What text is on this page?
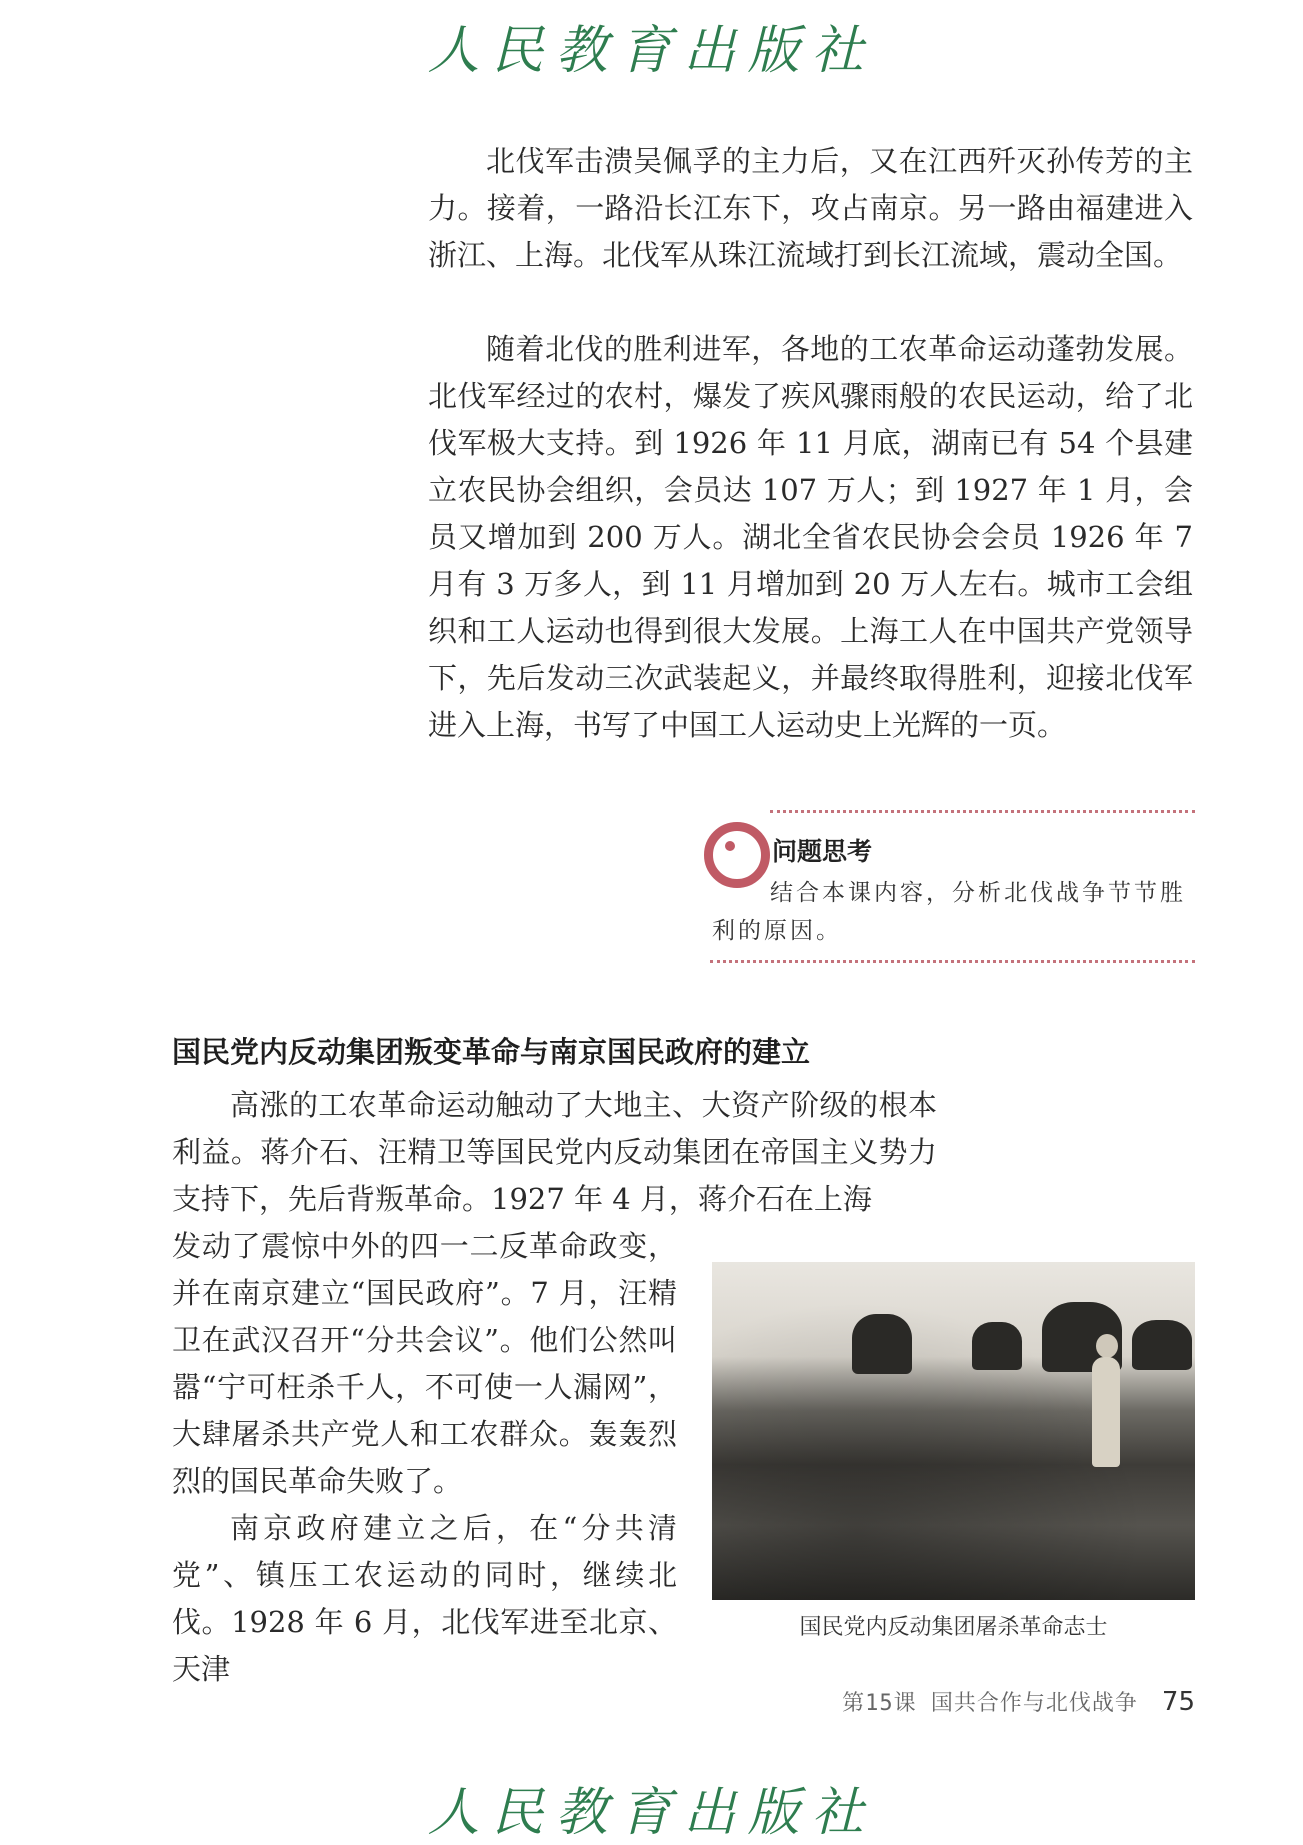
人民教育出版社

北伐军击溃吴佩孚的主力后，又在江西歼灭孙传芳的主力。接着，一路沿长江东下，攻占南京。另一路由福建进入浙江、上海。北伐军从珠江流域打到长江流域，震动全国。

随着北伐的胜利进军，各地的工农革命运动蓬勃发展。北伐军经过的农村，爆发了疾风骤雨般的农民运动，给了北伐军极大支持。到 1926 年 11 月底，湖南已有 54 个县建立农民协会组织，会员达 107 万人；到 1927 年 1 月，会员又增加到 200 万人。湖北全省农民协会会员 1926 年 7 月有 3 万多人，到 11 月增加到 20 万人左右。城市工会组织和工人运动也得到很大发展。上海工人在中国共产党领导下，先后发动三次武装起义，并最终取得胜利，迎接北伐军进入上海，书写了中国工人运动史上光辉的一页。

问题思考
结合本课内容，分析北伐战争节节胜利的原因。
国民党内反动集团叛变革命与南京国民政府的建立

高涨的工农革命运动触动了大地主、大资产阶级的根本利益。蒋介石、汪精卫等国民党内反动集团在帝国主义势力支持下，先后背叛革命。1927 年 4 月，蒋介石在上海

发动了震惊中外的四一二反革命政变，并在南京建立“国民政府”。7 月，汪精卫在武汉召开“分共会议”。他们公然叫嚣“宁可枉杀千人，不可使一人漏网”，大肆屠杀共产党人和工农群众。轰轰烈烈的国民革命失败了。

南京政府建立之后，在“分共清党”、镇压工农运动的同时，继续北伐。1928 年 6 月，北伐军进至北京、天津

国民党内反动集团屠杀革命志士
第15课 国共合作与北伐战争 75
人民教育出版社
